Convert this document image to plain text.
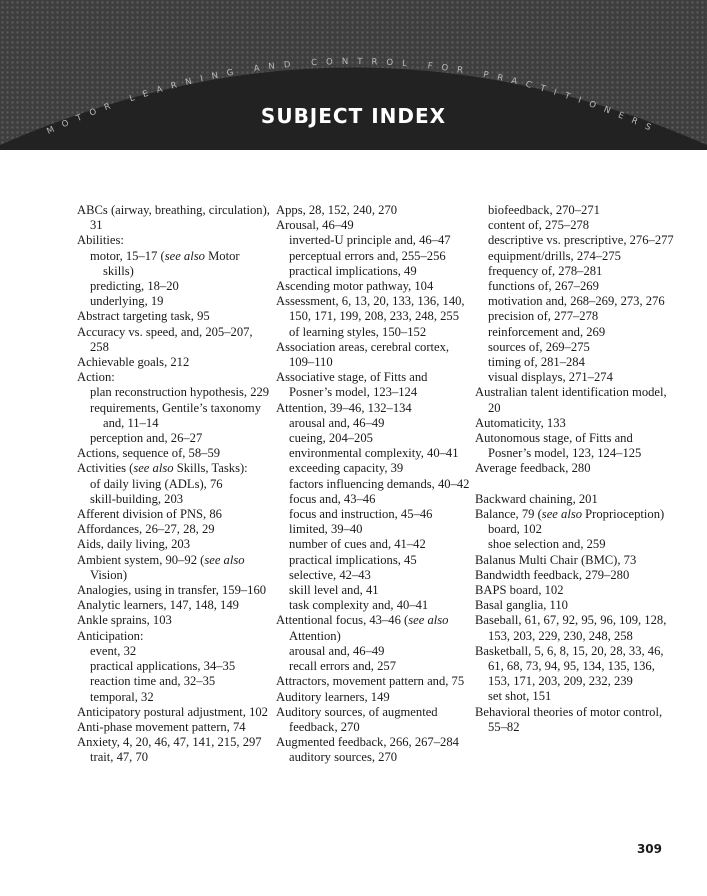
MOTOR LEARNING AND CONTROL FOR PRACTITIONERS
SUBJECT INDEX
ABCs (airway, breathing, circulation), 31
Abilities:
motor, 15–17 (see also Motor skills)
predicting, 18–20
underlying, 19
Abstract targeting task, 95
Accuracy vs. speed, and, 205–207, 258
Achievable goals, 212
Action:
plan reconstruction hypothesis, 229
requirements, Gentile’s taxonomy and, 11–14
perception and, 26–27
Actions, sequence of, 58–59
Activities (see also Skills, Tasks):
of daily living (ADLs), 76
skill-building, 203
Afferent division of PNS, 86
Affordances, 26–27, 28, 29
Aids, daily living, 203
Ambient system, 90–92 (see also Vision)
Analogies, using in transfer, 159–160
Analytic learners, 147, 148, 149
Ankle sprains, 103
Anticipation:
event, 32
practical applications, 34–35
reaction time and, 32–35
temporal, 32
Anticipatory postural adjustment, 102
Anti-phase movement pattern, 74
Anxiety, 4, 20, 46, 47, 141, 215, 297
trait, 47, 70
Apps, 28, 152, 240, 270
Arousal, 46–49
inverted-U principle and, 46–47
perceptual errors and, 255–256
practical implications, 49
Ascending motor pathway, 104
Assessment, 6, 13, 20, 133, 136, 140, 150, 171, 199, 208, 233, 248, 255
of learning styles, 150–152
Association areas, cerebral cortex, 109–110
Associative stage, of Fitts and Posner’s model, 123–124
Attention, 39–46, 132–134
arousal and, 46–49
cueing, 204–205
environmental complexity, 40–41
exceeding capacity, 39
factors influencing demands, 40–42
focus and, 43–46
focus and instruction, 45–46
limited, 39–40
number of cues and, 41–42
practical implications, 45
selective, 42–43
skill level and, 41
task complexity and, 40–41
Attentional focus, 43–46 (see also Attention)
arousal and, 46–49
recall errors and, 257
Attractors, movement pattern and, 75
Auditory learners, 149
Auditory sources, of augmented feedback, 270
Augmented feedback, 266, 267–284
auditory sources, 270
biofeedback, 270–271
content of, 275–278
descriptive vs. prescriptive, 276–277
equipment/drills, 274–275
frequency of, 278–281
functions of, 267–269
motivation and, 268–269, 273, 276
precision of, 277–278
reinforcement and, 269
sources of, 269–275
timing of, 281–284
visual displays, 271–274
Australian talent identification model, 20
Automaticity, 133
Autonomous stage, of Fitts and Posner’s model, 123, 124–125
Average feedback, 280
Backward chaining, 201
Balance, 79 (see also Proprioception)
board, 102
shoe selection and, 259
Balanus Multi Chair (BMC), 73
Bandwidth feedback, 279–280
BAPS board, 102
Basal ganglia, 110
Baseball, 61, 67, 92, 95, 96, 109, 128, 153, 203, 229, 230, 248, 258
Basketball, 5, 6, 8, 15, 20, 28, 33, 46, 61, 68, 73, 94, 95, 134, 135, 136, 153, 171, 203, 209, 232, 239
set shot, 151
Behavioral theories of motor control, 55–82
309
